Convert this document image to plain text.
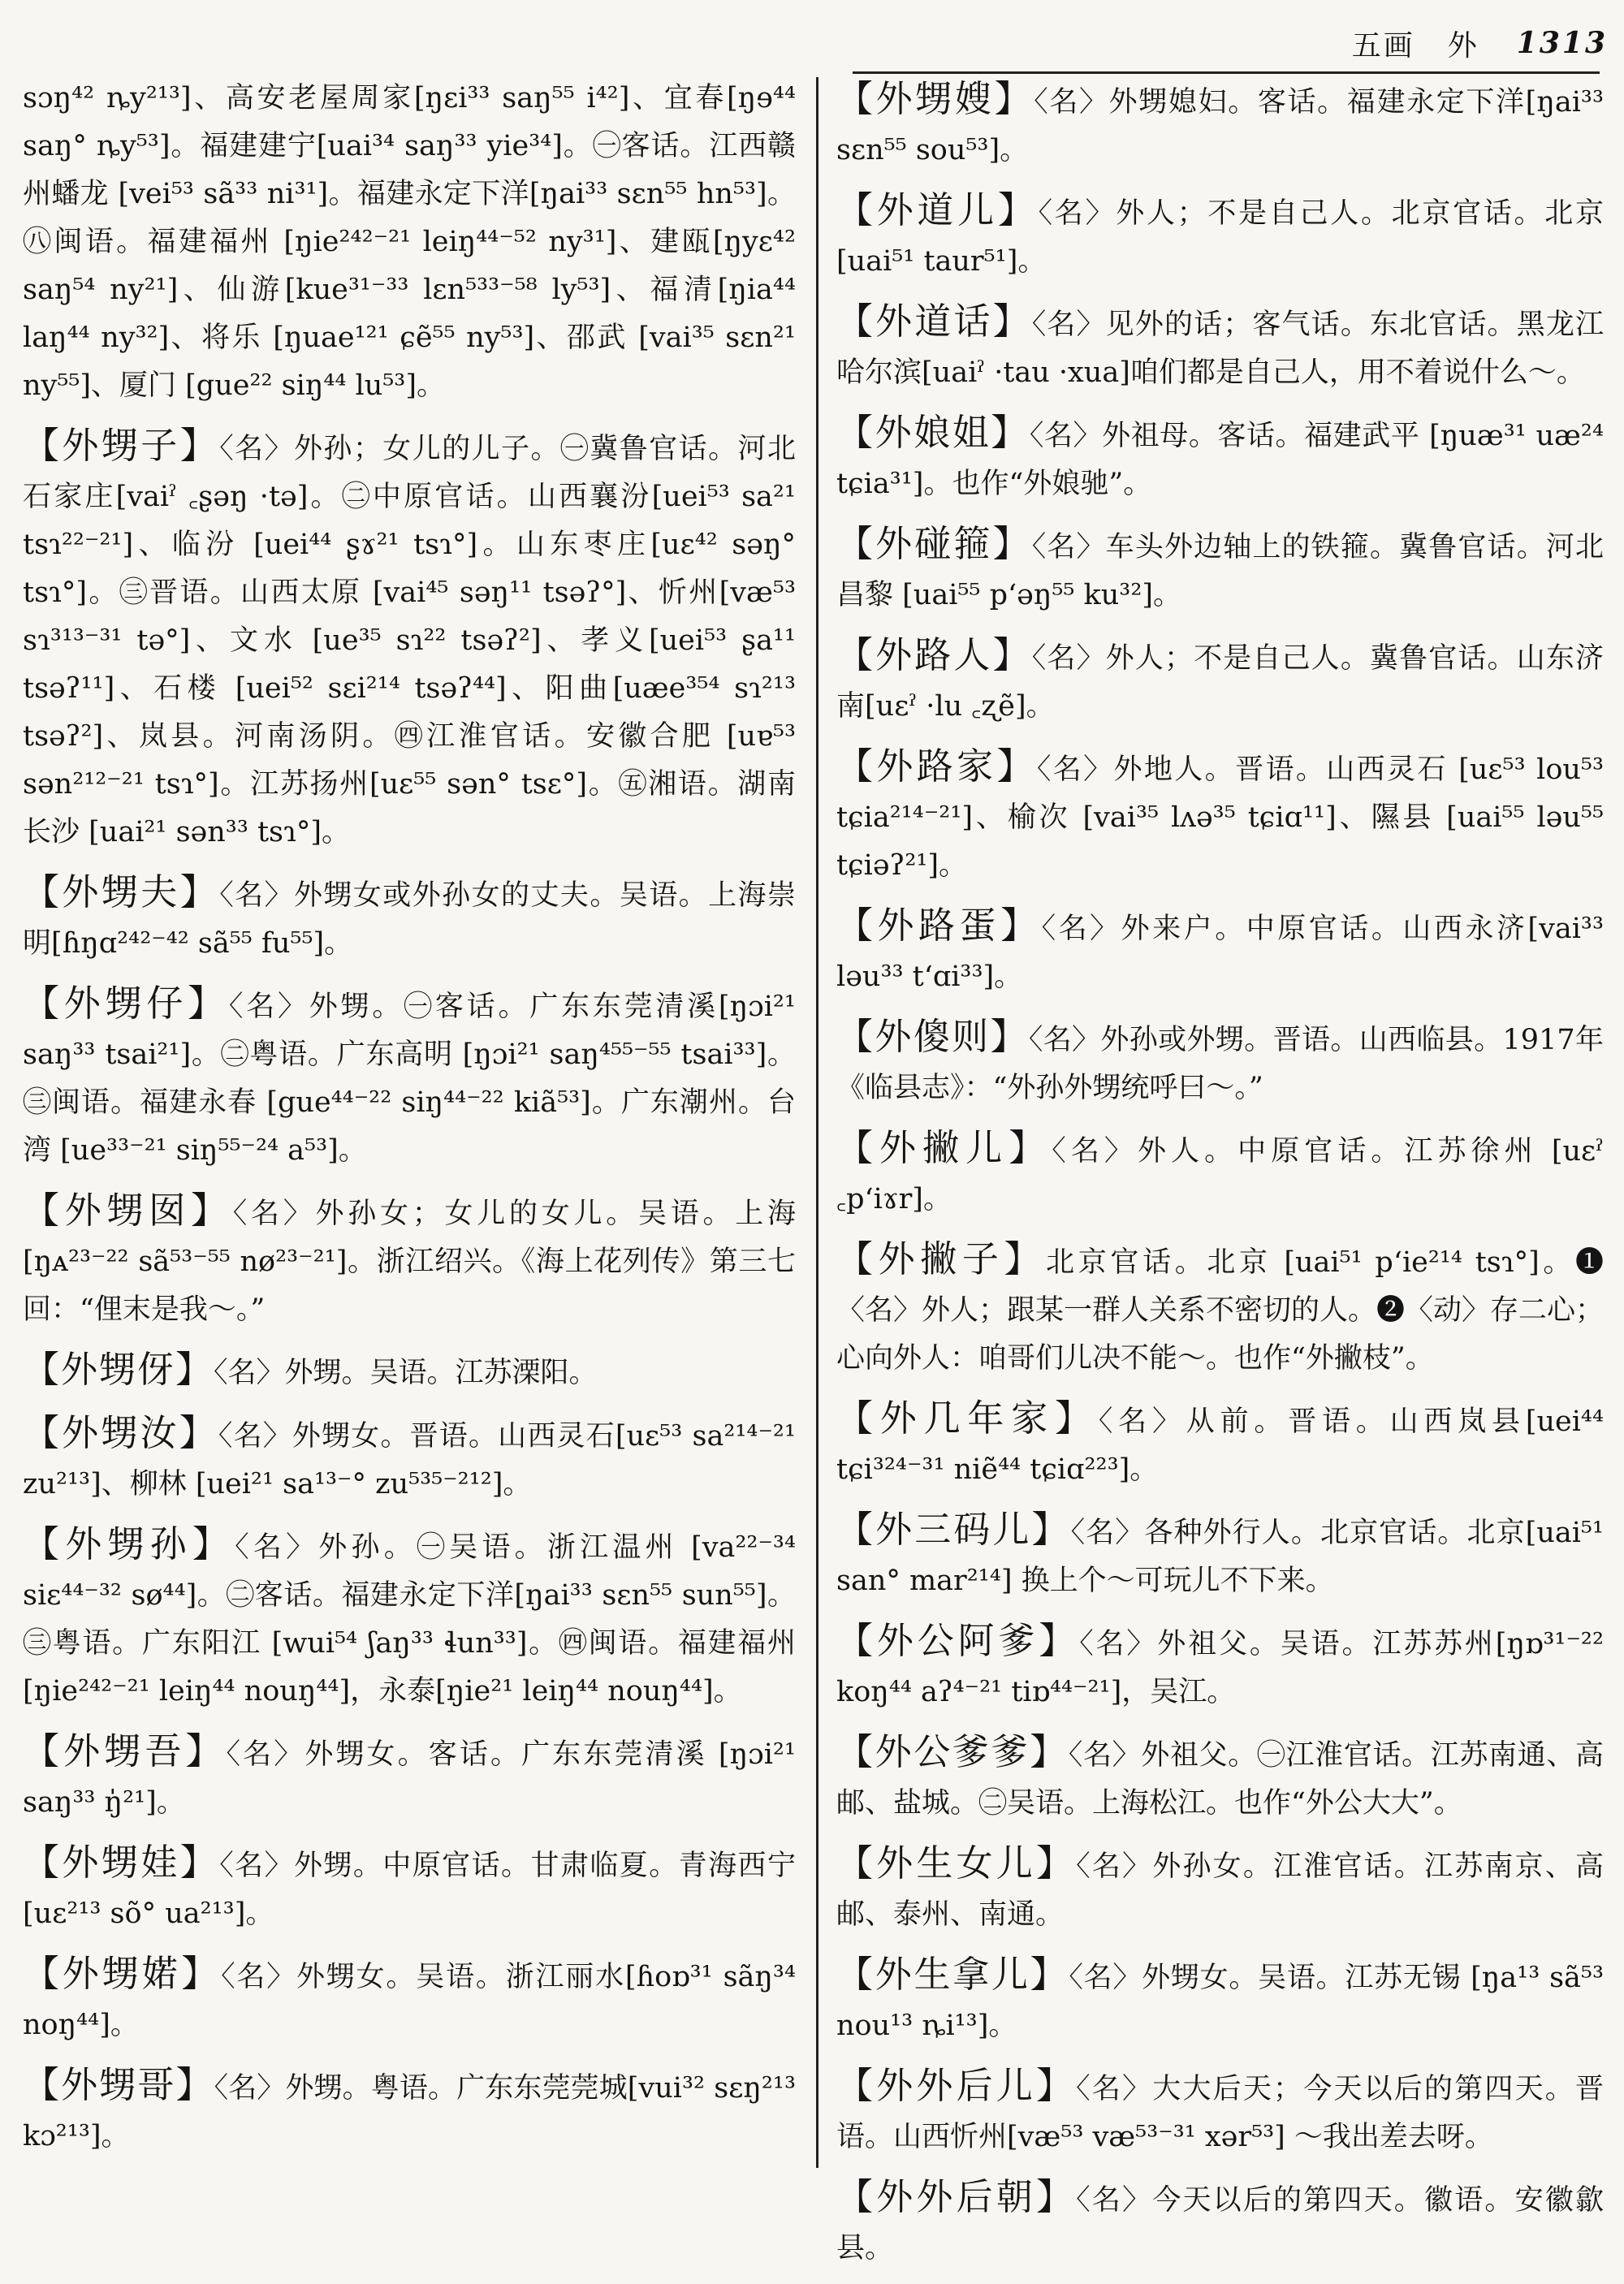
五画 外 1313
sɔŋ⁴² ȵy²¹³]、高安老屋周家[ŋɛi³³ saŋ⁵⁵ i⁴²]、宜春[ŋɘ⁴⁴ saŋ° ȵy⁵³]。福建建宁[uai³⁴ saŋ³³ yie³⁴]。㊀客话。江西赣州蟠龙 [vei⁵³ sã³³ ni³¹]。福建永定下洋[ŋai³³ sɛn⁵⁵ hn⁵³]。㊇闽语。福建福州 [ŋie²⁴²⁻²¹ leiŋ⁴⁴⁻⁵² ny³¹]、建瓯[ŋyɛ⁴² saŋ⁵⁴ ny²¹]、仙游[kue³¹⁻³³ lɛn⁵³³⁻⁵⁸ ly⁵³]、福清[ŋia⁴⁴ laŋ⁴⁴ ny³²]、将乐 [ŋuae¹²¹ ɕẽ⁵⁵ ny⁵³]、邵武 [vai³⁵ sɛn²¹ ny⁵⁵]、厦门 [gue²² siŋ⁴⁴ lu⁵³]。
【外甥子】〈名〉外孙；女儿的儿子。㊀冀鲁官话。河北石家庄[vaiˀ ꜀ʂəŋ ·tə]。㊁中原官话。山西襄汾[uei⁵³ sa²¹ tsɿ²²⁻²¹]、临汾 [uei⁴⁴ ʂɤ²¹ tsɿ°]。山东枣庄[uɛ⁴² səŋ° tsɿ°]。㊂晋语。山西太原 [vai⁴⁵ səŋ¹¹ tsəʔ°]、忻州[væ⁵³ sɿ³¹³⁻³¹ tə°]、文水 [ue³⁵ sɿ²² tsəʔ²]、孝义[uei⁵³ ʂa¹¹ tsəʔ¹¹]、石楼 [uei⁵² sɛi²¹⁴ tsəʔ⁴⁴]、阳曲[uæe³⁵⁴ sɿ²¹³ tsəʔ²]、岚县。河南汤阴。㊃江淮官话。安徽合肥 [uɐ⁵³ sən²¹²⁻²¹ tsɿ°]。江苏扬州[uɛ⁵⁵ sən° tsɛ°]。㊄湘语。湖南长沙 [uai²¹ sən³³ tsɿ°]。
【外甥夫】〈名〉外甥女或外孙女的丈夫。吴语。上海崇明[ɦŋɑ²⁴²⁻⁴² sã⁵⁵ fu⁵⁵]。
【外甥仔】〈名〉外甥。㊀客话。广东东莞清溪[ŋɔi²¹ saŋ³³ tsai²¹]。㊁粤语。广东高明 [ŋɔi²¹ saŋ⁴⁵⁵⁻⁵⁵ tsai³³]。㊂闽语。福建永春 [gue⁴⁴⁻²² siŋ⁴⁴⁻²² kiã⁵³]。广东潮州。台湾 [ue³³⁻²¹ siŋ⁵⁵⁻²⁴ a⁵³]。
【外甥囡】〈名〉外孙女；女儿的女儿。吴语。上海[ŋᴀ²³⁻²² sã⁵³⁻⁵⁵ nø²³⁻²¹]。浙江绍兴。《海上花列传》第三七回：“俚末是我～。”
【外甥伢】〈名〉外甥。吴语。江苏溧阳。
【外甥汝】〈名〉外甥女。晋语。山西灵石[uɛ⁵³ sa²¹⁴⁻²¹ zu²¹³]、柳林 [uei²¹ sa¹³⁻° zu⁵³⁵⁻²¹²]。
【外甥孙】〈名〉外孙。㊀吴语。浙江温州 [va²²⁻³⁴ siɛ⁴⁴⁻³² sø⁴⁴]。㊁客话。福建永定下洋[ŋai³³ sɛn⁵⁵ sun⁵⁵]。㊂粤语。广东阳江 [wui⁵⁴ ʃaŋ³³ ɬun³³]。㊃闽语。福建福州 [ŋie²⁴²⁻²¹ leiŋ⁴⁴ nouŋ⁴⁴]，永泰[ŋie²¹ leiŋ⁴⁴ nouŋ⁴⁴]。
【外甥吾】〈名〉外甥女。客话。广东东莞清溪 [ŋɔi²¹ saŋ³³ ŋ̍²¹]。
【外甥娃】〈名〉外甥。中原官话。甘肃临夏。青海西宁 [uɛ²¹³ sõ° ua²¹³]。
【外甥婼】〈名〉外甥女。吴语。浙江丽水[ɦoɒ³¹ sãŋ³⁴ noŋ⁴⁴]。
【外甥哥】〈名〉外甥。粤语。广东东莞莞城[vui³² sɛŋ²¹³ kɔ²¹³]。
【外甥嫂】〈名〉外甥媳妇。客话。福建永定下洋[ŋai³³ sɛn⁵⁵ sou⁵³]。
【外道儿】〈名〉外人；不是自己人。北京官话。北京[uai⁵¹ taur⁵¹]。
【外道话】〈名〉见外的话；客气话。东北官话。黑龙江哈尔滨[uaiˀ ·tau ·xua]咱们都是自己人，用不着说什么～。
【外娘姐】〈名〉外祖母。客话。福建武平 [ŋuæ³¹ uæ²⁴ tɕia³¹]。也作“外娘驰”。
【外碰箍】〈名〉车头外边轴上的铁箍。冀鲁官话。河北昌黎 [uai⁵⁵ pʻəŋ⁵⁵ ku³²]。
【外路人】〈名〉外人；不是自己人。冀鲁官话。山东济南[uɛˀ ·lu ꜀ʐẽ]。
【外路家】〈名〉外地人。晋语。山西灵石 [uɛ⁵³ lou⁵³ tɕia²¹⁴⁻²¹]、榆次 [vai³⁵ lʌə³⁵ tɕiɑ¹¹]、隰县 [uai⁵⁵ ləu⁵⁵ tɕiəʔ²¹]。
【外路蛋】〈名〉外来户。中原官话。山西永济[vai³³ ləu³³ tʻɑi³³]。
【外傻则】〈名〉外孙或外甥。晋语。山西临县。1917年《临县志》：“外孙外甥统呼曰～。”
【外撇儿】〈名〉外人。中原官话。江苏徐州 [uɛˀ ꜀pʻiɤr]。
【外撇子】北京官话。北京 [uai⁵¹ pʻie²¹⁴ tsɿ°]。❶〈名〉外人；跟某一群人关系不密切的人。❷〈动〉存二心；心向外人：咱哥们儿决不能～。也作“外撇枝”。
【外几年家】〈名〉从前。晋语。山西岚县[uei⁴⁴ tɕi³²⁴⁻³¹ niẽ⁴⁴ tɕiɑ²²³]。
【外三码儿】〈名〉各种外行人。北京官话。北京[uai⁵¹ san° mar²¹⁴] 换上个～可玩儿不下来。
【外公阿爹】〈名〉外祖父。吴语。江苏苏州[ŋɒ³¹⁻²² koŋ⁴⁴ aʔ⁴⁻²¹ tiɒ⁴⁴⁻²¹]，吴江。
【外公爹爹】〈名〉外祖父。㊀江淮官话。江苏南通、高邮、盐城。㊁吴语。上海松江。也作“外公大大”。
【外生女儿】〈名〉外孙女。江淮官话。江苏南京、高邮、泰州、南通。
【外生拿儿】〈名〉外甥女。吴语。江苏无锡 [ŋa¹³ sã⁵³ nou¹³ ȵi¹³]。
【外外后儿】〈名〉大大后天；今天以后的第四天。晋语。山西忻州[væ⁵³ væ⁵³⁻³¹ xər⁵³] ～我出差去呀。
【外外后朝】〈名〉今天以后的第四天。徽语。安徽歙县。
